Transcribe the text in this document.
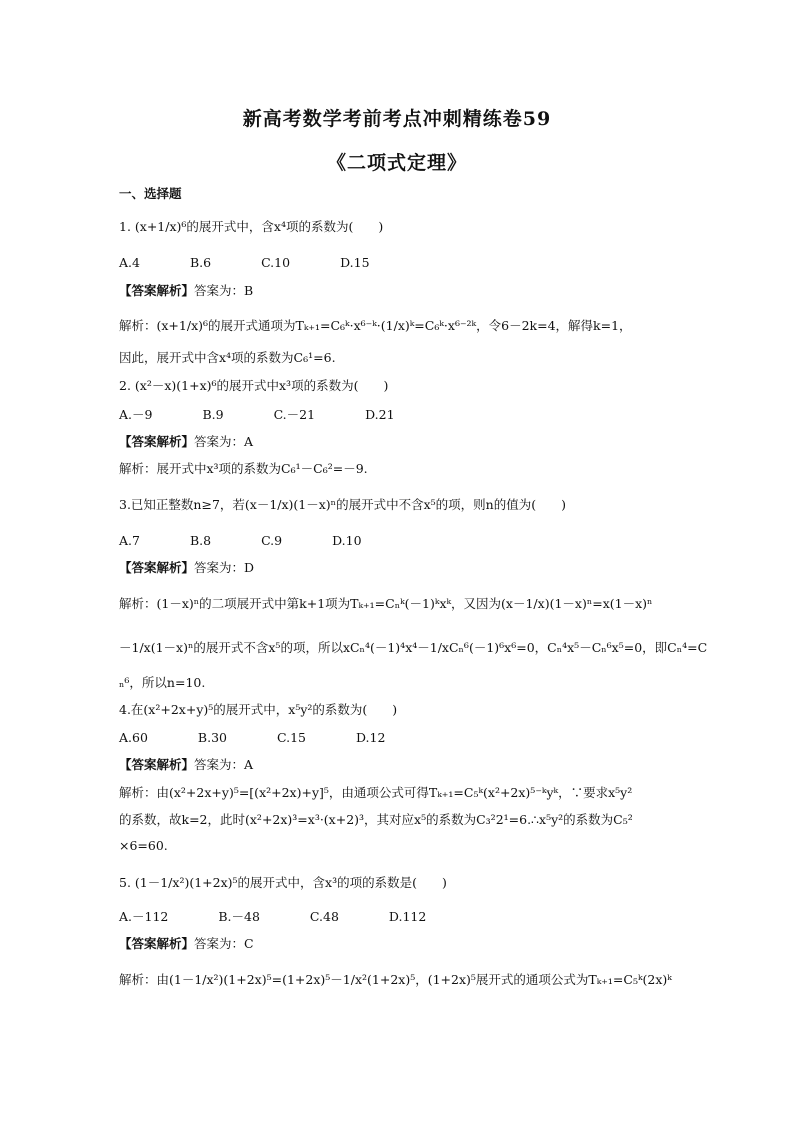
新高考数学考前考点冲刺精练卷59
《二项式定理》
一、选择题
1. (x+1/x)⁶的展开式中，含x⁴项的系数为(　　)
A.4　　　　B.6　　　　C.10　　　　D.15
【答案解析】答案为：B
解析：(x+1/x)⁶的展开式通项为Tₖ₊₁=C₆ᵏ·x⁶⁻ᵏ·(1/x)ᵏ=C₆ᵏ·x⁶⁻²ᵏ，令6－2k=4，解得k=1，
因此，展开式中含x⁴项的系数为C₆¹=6.
2. (x²－x)(1+x)⁶的展开式中x³项的系数为(　　)
A.－9　　　　B.9　　　　C.－21　　　　D.21
【答案解析】答案为：A
解析：展开式中x³项的系数为C₆¹－C₆²=－9.
3.已知正整数n≥7，若(x－1/x)(1－x)ⁿ的展开式中不含x⁵的项，则n的值为(　　)
A.7　　　　B.8　　　　C.9　　　　D.10
【答案解析】答案为：D
解析：(1－x)ⁿ的二项展开式中第k+1项为Tₖ₊₁=Cₙᵏ(－1)ᵏxᵏ，又因为(x－1/x)(1－x)ⁿ=x(1－x)ⁿ
－1/x(1－x)ⁿ的展开式不含x⁵的项，所以xCₙ⁴(－1)⁴x⁴－1/xCₙ⁶(－1)⁶x⁶=0，Cₙ⁴x⁵－Cₙ⁶x⁵=0，即Cₙ⁴=C
ₙ⁶，所以n=10.
4.在(x²+2x+y)⁵的展开式中，x⁵y²的系数为(　　)
A.60　　　　B.30　　　　C.15　　　　D.12
【答案解析】答案为：A
解析：由(x²+2x+y)⁵=[(x²+2x)+y]⁵，由通项公式可得Tₖ₊₁=C₅ᵏ(x²+2x)⁵⁻ᵏyᵏ，∵要求x⁵y²
的系数，故k=2，此时(x²+2x)³=x³·(x+2)³，其对应x⁵的系数为C₃²2¹=6.∴x⁵y²的系数为C₅²
×6=60.
5. (1－1/x²)(1+2x)⁵的展开式中，含x³的项的系数是(　　)
A.－112　　　　B.－48　　　　C.48　　　　D.112
【答案解析】答案为：C
解析：由(1－1/x²)(1+2x)⁵=(1+2x)⁵－1/x²(1+2x)⁵，(1+2x)⁵展开式的通项公式为Tₖ₊₁=C₅ᵏ(2x)ᵏ
